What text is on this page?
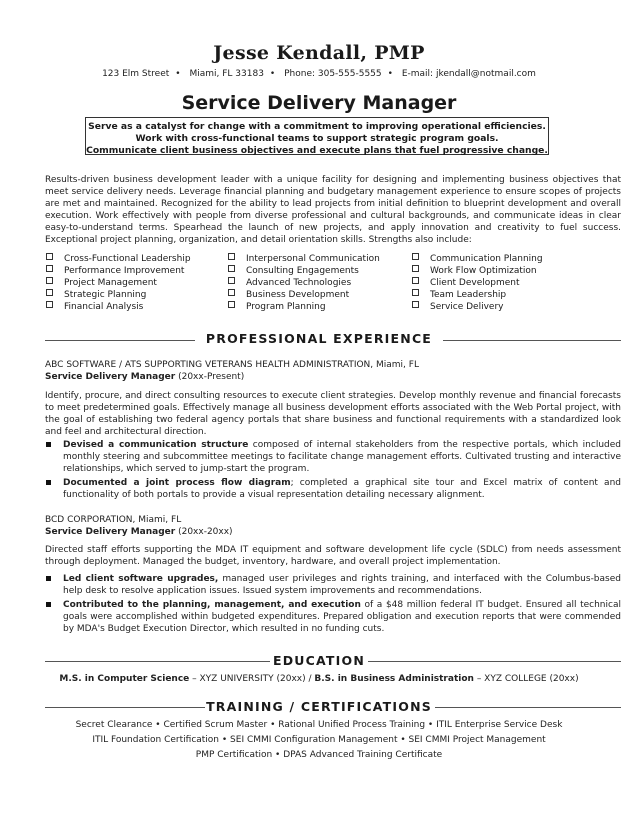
Jesse Kendall, PMP
123 Elm Street • Miami, FL 33183 • Phone: 305-555-5555 • E-mail: jkendall@notmail.com
Service Delivery Manager
Serve as a catalyst for change with a commitment to improving operational efficiencies.
Work with cross-functional teams to support strategic program goals.
Communicate client business objectives and execute plans that fuel progressive change.
Results-driven business development leader with a unique facility for designing and implementing business objectives that meet service delivery needs. Leverage financial planning and budgetary management experience to ensure scopes of projects are met and maintained. Recognized for the ability to lead projects from initial definition to blueprint development and overall execution. Work effectively with people from diverse professional and cultural backgrounds, and communicate ideas in clear easy-to-understand terms. Spearhead the launch of new projects, and apply innovation and creativity to fuel success. Exceptional project planning, organization, and detail orientation skills. Strengths also include:
Cross-Functional Leadership
Performance Improvement
Project Management
Strategic Planning
Financial Analysis
Interpersonal Communication
Consulting Engagements
Advanced Technologies
Business Development
Program Planning
Communication Planning
Work Flow Optimization
Client Development
Team Leadership
Service Delivery
PROFESSIONAL EXPERIENCE
ABC SOFTWARE / ATS SUPPORTING VETERANS HEALTH ADMINISTRATION, Miami, FL
Service Delivery Manager (20xx-Present)
Identify, procure, and direct consulting resources to execute client strategies. Develop monthly revenue and financial forecasts to meet predetermined goals. Effectively manage all business development efforts associated with the Web Portal project, with the goal of establishing two federal agency portals that share business and functional requirements with a standardized look and feel and architectural direction.
Devised a communication structure composed of internal stakeholders from the respective portals, which included monthly steering and subcommittee meetings to facilitate change management efforts. Cultivated trusting and interactive relationships, which served to jump-start the program.
Documented a joint process flow diagram; completed a graphical site tour and Excel matrix of content and functionality of both portals to provide a visual representation detailing necessary alignment.
BCD CORPORATION, Miami, FL
Service Delivery Manager (20xx-20xx)
Directed staff efforts supporting the MDA IT equipment and software development life cycle (SDLC) from needs assessment through deployment. Managed the budget, inventory, hardware, and overall project implementation.
Led client software upgrades, managed user privileges and rights training, and interfaced with the Columbus-based help desk to resolve application issues. Issued system improvements and recommendations.
Contributed to the planning, management, and execution of a $48 million federal IT budget. Ensured all technical goals were accomplished within budgeted expenditures. Prepared obligation and execution reports that were commended by MDA's Budget Execution Director, which resulted in no funding cuts.
EDUCATION
M.S. in Computer Science – XYZ UNIVERSITY (20xx) / B.S. in Business Administration – XYZ COLLEGE (20xx)
TRAINING / CERTIFICATIONS
Secret Clearance • Certified Scrum Master • Rational Unified Process Training • ITIL Enterprise Service Desk
ITIL Foundation Certification • SEI CMMI Configuration Management • SEI CMMI Project Management
PMP Certification • DPAS Advanced Training Certificate
